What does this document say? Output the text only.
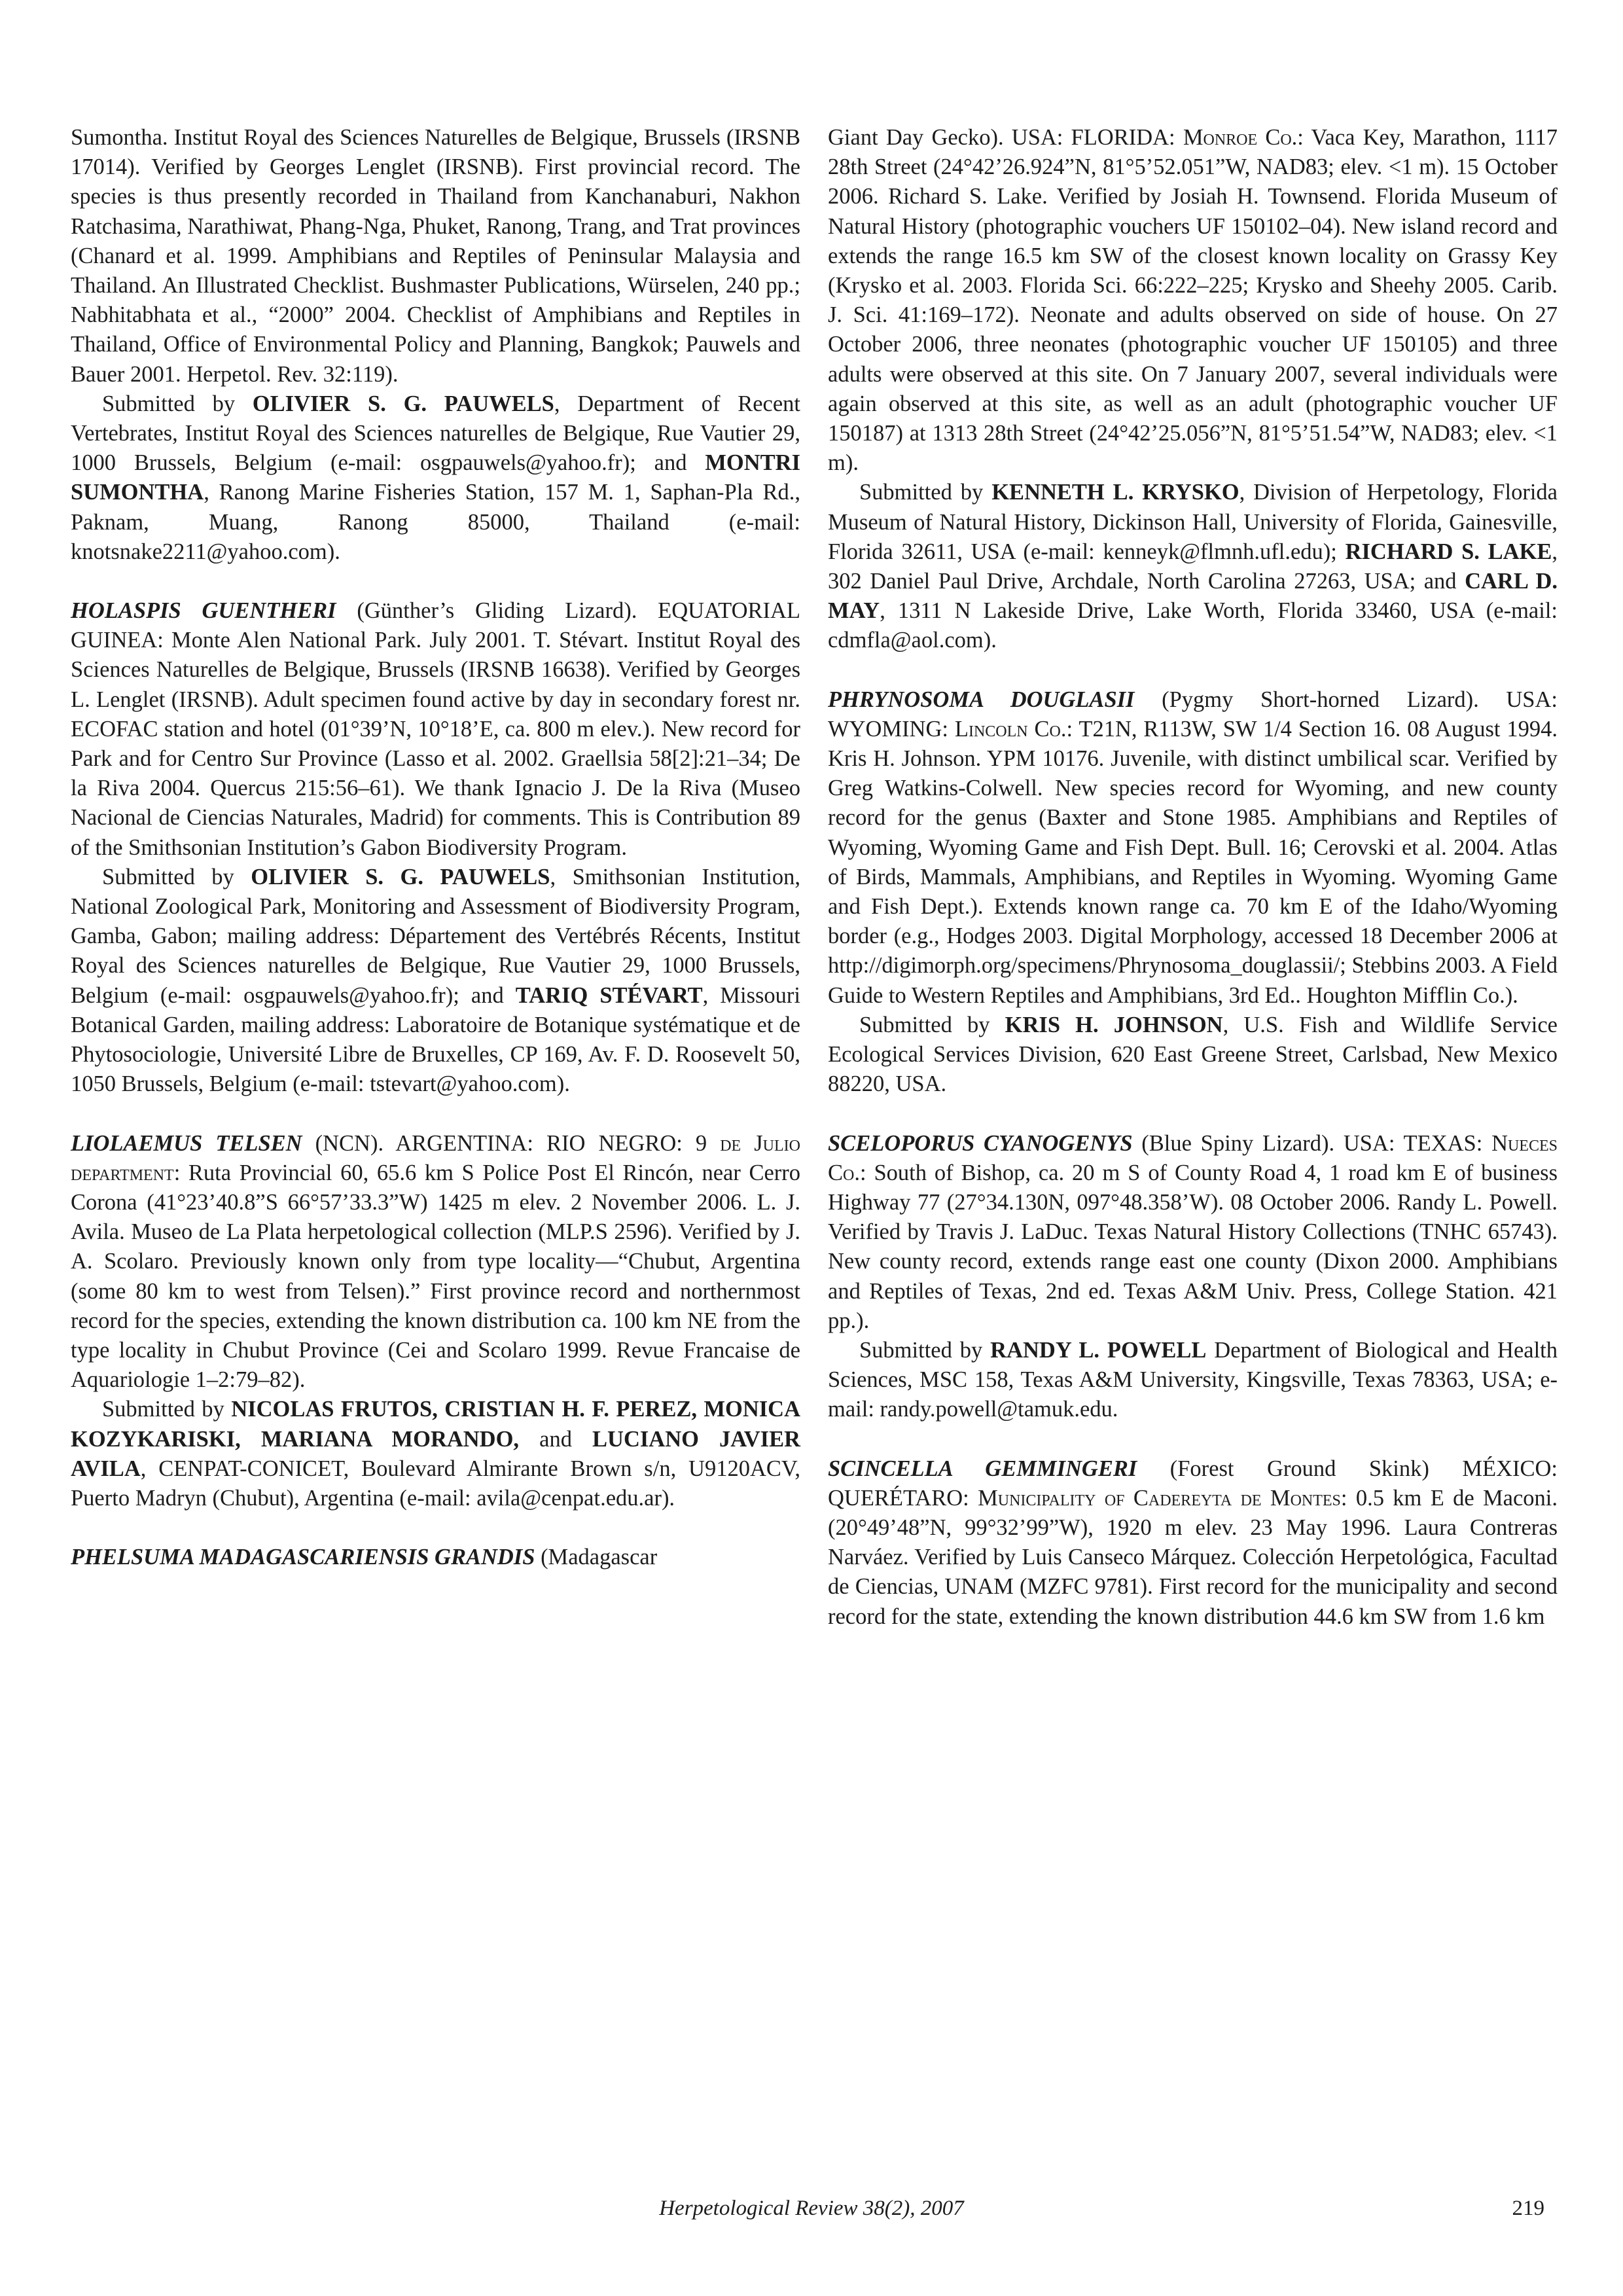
Sumontha. Institut Royal des Sciences Naturelles de Belgique, Brussels (IRSNB 17014). Verified by Georges Lenglet (IRSNB). First provincial record. The species is thus presently recorded in Thailand from Kanchanaburi, Nakhon Ratchasima, Narathiwat, Phang-Nga, Phuket, Ranong, Trang, and Trat provinces (Chanard et al. 1999. Amphibians and Reptiles of Peninsular Malaysia and Thailand. An Illustrated Checklist. Bushmaster Publications, Würselen, 240 pp.; Nabhitabhata et al., “2000” 2004. Checklist of Amphibians and Reptiles in Thailand, Office of Environmental Policy and Planning, Bangkok; Pauwels and Bauer 2001. Herpetol. Rev. 32:119).

Submitted by OLIVIER S. G. PAUWELS, Department of Recent Vertebrates, Institut Royal des Sciences naturelles de Belgique, Rue Vautier 29, 1000 Brussels, Belgium (e-mail: osgpauwels@yahoo.fr); and MONTRI SUMONTHA, Ranong Marine Fisheries Station, 157 M. 1, Saphan-Pla Rd., Paknam, Muang, Ranong 85000, Thailand (e-mail: knotsnake2211@yahoo.com).

HOLASPIS GUENTHERI (Günther’s Gliding Lizard). EQUATORIAL GUINEA: Monte Alen National Park. July 2001. T. Stévart. Institut Royal des Sciences Naturelles de Belgique, Brussels (IRSNB 16638). Verified by Georges L. Lenglet (IRSNB). Adult specimen found active by day in secondary forest nr. ECOFAC station and hotel (01°39’N, 10°18’E, ca. 800 m elev.). New record for Park and for Centro Sur Province (Lasso et al. 2002. Graellsia 58[2]:21–34; De la Riva 2004. Quercus 215:56–61). We thank Ignacio J. De la Riva (Museo Nacional de Ciencias Naturales, Madrid) for comments. This is Contribution 89 of the Smithsonian Institution’s Gabon Biodiversity Program.

Submitted by OLIVIER S. G. PAUWELS, Smithsonian Institution, National Zoological Park, Monitoring and Assessment of Biodiversity Program, Gamba, Gabon; mailing address: Département des Vertébrés Récents, Institut Royal des Sciences naturelles de Belgique, Rue Vautier 29, 1000 Brussels, Belgium (e-mail: osgpauwels@yahoo.fr); and TARIQ STÉVART, Missouri Botanical Garden, mailing address: Laboratoire de Botanique systématique et de Phytosociologie, Université Libre de Bruxelles, CP 169, Av. F. D. Roosevelt 50, 1050 Brussels, Belgium (e-mail: tstevart@yahoo.com).

LIOLAEMUS TELSEN (NCN). ARGENTINA: RIO NEGRO: 9 de Julio department: Ruta Provincial 60, 65.6 km S Police Post El Rincón, near Cerro Corona (41°23’40.8”S 66°57’33.3”W) 1425 m elev. 2 November 2006. L. J. Avila. Museo de La Plata herpetological collection (MLP.S 2596). Verified by J. A. Scolaro. Previously known only from type locality—“Chubut, Argentina (some 80 km to west from Telsen).” First province record and northernmost record for the species, extending the known distribution ca. 100 km NE from the type locality in Chubut Province (Cei and Scolaro 1999. Revue Francaise de Aquariologie 1–2:79–82).

Submitted by NICOLAS FRUTOS, CRISTIAN H. F. PEREZ, MONICA KOZYKARISKI, MARIANA MORANDO, and LUCIANO JAVIER AVILA, CENPAT-CONICET, Boulevard Almirante Brown s/n, U9120ACV, Puerto Madryn (Chubut), Argentina (e-mail: avila@cenpat.edu.ar).

PHELSUMA MADAGASCARIENSIS GRANDIS (Madagascar

Giant Day Gecko). USA: FLORIDA: Monroe Co.: Vaca Key, Marathon, 1117 28th Street (24°42’26.924”N, 81°5’52.051”W, NAD83; elev. <1 m). 15 October 2006. Richard S. Lake. Verified by Josiah H. Townsend. Florida Museum of Natural History (photographic vouchers UF 150102–04). New island record and extends the range 16.5 km SW of the closest known locality on Grassy Key (Krysko et al. 2003. Florida Sci. 66:222–225; Krysko and Sheehy 2005. Carib. J. Sci. 41:169–172). Neonate and adults observed on side of house. On 27 October 2006, three neonates (photographic voucher UF 150105) and three adults were observed at this site. On 7 January 2007, several individuals were again observed at this site, as well as an adult (photographic voucher UF 150187) at 1313 28th Street (24°42’25.056”N, 81°5’51.54”W, NAD83; elev. <1 m).

Submitted by KENNETH L. KRYSKO, Division of Herpetology, Florida Museum of Natural History, Dickinson Hall, University of Florida, Gainesville, Florida 32611, USA (e-mail: kenneyk@flmnh.ufl.edu); RICHARD S. LAKE, 302 Daniel Paul Drive, Archdale, North Carolina 27263, USA; and CARL D. MAY, 1311 N Lakeside Drive, Lake Worth, Florida 33460, USA (e-mail: cdmfla@aol.com).

PHRYNOSOMA DOUGLASII (Pygmy Short-horned Lizard). USA: WYOMING: Lincoln Co.: T21N, R113W, SW 1/4 Section 16. 08 August 1994. Kris H. Johnson. YPM 10176. Juvenile, with distinct umbilical scar. Verified by Greg Watkins-Colwell. New species record for Wyoming, and new county record for the genus (Baxter and Stone 1985. Amphibians and Reptiles of Wyoming, Wyoming Game and Fish Dept. Bull. 16; Cerovski et al. 2004. Atlas of Birds, Mammals, Amphibians, and Reptiles in Wyoming. Wyoming Game and Fish Dept.). Extends known range ca. 70 km E of the Idaho/Wyoming border (e.g., Hodges 2003. Digital Morphology, accessed 18 December 2006 at http://digimorph.org/specimens/Phrynosoma_douglassii/; Stebbins 2003. A Field Guide to Western Reptiles and Amphibians, 3rd Ed.. Houghton Mifflin Co.).

Submitted by KRIS H. JOHNSON, U.S. Fish and Wildlife Service Ecological Services Division, 620 East Greene Street, Carlsbad, New Mexico 88220, USA.

SCELOPORUS CYANOGENYS (Blue Spiny Lizard). USA: TEXAS: Nueces Co.: South of Bishop, ca. 20 m S of County Road 4, 1 road km E of business Highway 77 (27°34.130N, 097°48.358’W). 08 October 2006. Randy L. Powell. Verified by Travis J. LaDuc. Texas Natural History Collections (TNHC 65743). New county record, extends range east one county (Dixon 2000. Amphibians and Reptiles of Texas, 2nd ed. Texas A&M Univ. Press, College Station. 421 pp.).

Submitted by RANDY L. POWELL Department of Biological and Health Sciences, MSC 158, Texas A&M University, Kingsville, Texas 78363, USA; e-mail: randy.powell@tamuk.edu.

SCINCELLA GEMMINGERI (Forest Ground Skink) MÉXICO: QUERÉTARO: Municipality of Cadereyta de Montes: 0.5 km E de Maconi. (20°49’48”N, 99°32’99”W), 1920 m elev. 23 May 1996. Laura Contreras Narváez. Verified by Luis Canseco Márquez. Colección Herpetológica, Facultad de Ciencias, UNAM (MZFC 9781). First record for the municipality and second record for the state, extending the known distribution 44.6 km SW from 1.6 km

Herpetological Review 38(2), 2007	219
